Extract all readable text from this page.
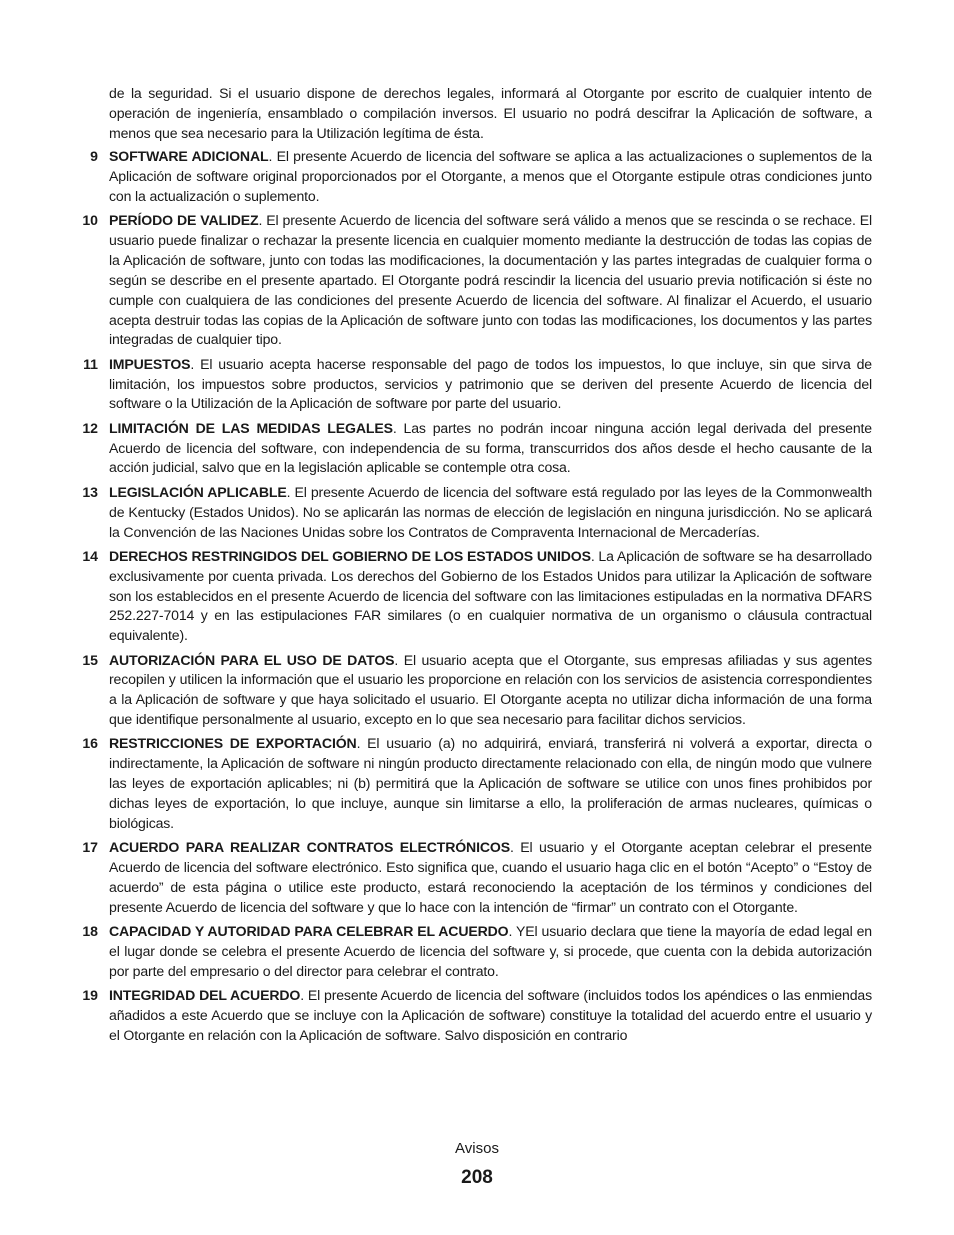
de la seguridad. Si el usuario dispone de derechos legales, informará al Otorgante por escrito de cualquier intento de operación de ingeniería, ensamblado o compilación inversos. El usuario no podrá descifrar la Aplicación de software, a menos que sea necesario para la Utilización legítima de ésta.

9 SOFTWARE ADICIONAL. El presente Acuerdo de licencia del software se aplica a las actualizaciones o suplementos de la Aplicación de software original proporcionados por el Otorgante, a menos que el Otorgante estipule otras condiciones junto con la actualización o suplemento.
10 PERÍODO DE VALIDEZ. El presente Acuerdo de licencia del software será válido a menos que se rescinda o se rechace. El usuario puede finalizar o rechazar la presente licencia en cualquier momento mediante la destrucción de todas las copias de la Aplicación de software, junto con todas las modificaciones, la documentación y las partes integradas de cualquier forma o según se describe en el presente apartado. El Otorgante podrá rescindir la licencia del usuario previa notificación si éste no cumple con cualquiera de las condiciones del presente Acuerdo de licencia del software. Al finalizar el Acuerdo, el usuario acepta destruir todas las copias de la Aplicación de software junto con todas las modificaciones, los documentos y las partes integradas de cualquier tipo.
11 IMPUESTOS. El usuario acepta hacerse responsable del pago de todos los impuestos, lo que incluye, sin que sirva de limitación, los impuestos sobre productos, servicios y patrimonio que se deriven del presente Acuerdo de licencia del software o la Utilización de la Aplicación de software por parte del usuario.
12 LIMITACIÓN DE LAS MEDIDAS LEGALES. Las partes no podrán incoar ninguna acción legal derivada del presente Acuerdo de licencia del software, con independencia de su forma, transcurridos dos años desde el hecho causante de la acción judicial, salvo que en la legislación aplicable se contemple otra cosa.
13 LEGISLACIÓN APLICABLE. El presente Acuerdo de licencia del software está regulado por las leyes de la Commonwealth de Kentucky (Estados Unidos). No se aplicarán las normas de elección de legislación en ninguna jurisdicción. No se aplicará la Convención de las Naciones Unidas sobre los Contratos de Compraventa Internacional de Mercaderías.
14 DERECHOS RESTRINGIDOS DEL GOBIERNO DE LOS ESTADOS UNIDOS. La Aplicación de software se ha desarrollado exclusivamente por cuenta privada. Los derechos del Gobierno de los Estados Unidos para utilizar la Aplicación de software son los establecidos en el presente Acuerdo de licencia del software con las limitaciones estipuladas en la normativa DFARS 252.227-7014 y en las estipulaciones FAR similares (o en cualquier normativa de un organismo o cláusula contractual equivalente).
15 AUTORIZACIÓN PARA EL USO DE DATOS. El usuario acepta que el Otorgante, sus empresas afiliadas y sus agentes recopilen y utilicen la información que el usuario les proporcione en relación con los servicios de asistencia correspondientes a la Aplicación de software y que haya solicitado el usuario. El Otorgante acepta no utilizar dicha información de una forma que identifique personalmente al usuario, excepto en lo que sea necesario para facilitar dichos servicios.
16 RESTRICCIONES DE EXPORTACIÓN. El usuario (a) no adquirirá, enviará, transferirá ni volverá a exportar, directa o indirectamente, la Aplicación de software ni ningún producto directamente relacionado con ella, de ningún modo que vulnere las leyes de exportación aplicables; ni (b) permitirá que la Aplicación de software se utilice con unos fines prohibidos por dichas leyes de exportación, lo que incluye, aunque sin limitarse a ello, la proliferación de armas nucleares, químicas o biológicas.
17 ACUERDO PARA REALIZAR CONTRATOS ELECTRÓNICOS. El usuario y el Otorgante aceptan celebrar el presente Acuerdo de licencia del software electrónico. Esto significa que, cuando el usuario haga clic en el botón “Acepto” o “Estoy de acuerdo” de esta página o utilice este producto, estará reconociendo la aceptación de los términos y condiciones del presente Acuerdo de licencia del software y que lo hace con la intención de “firmar” un contrato con el Otorgante.
18 CAPACIDAD Y AUTORIDAD PARA CELEBRAR EL ACUERDO. YEl usuario declara que tiene la mayoría de edad legal en el lugar donde se celebra el presente Acuerdo de licencia del software y, si procede, que cuenta con la debida autorización por parte del empresario o del director para celebrar el contrato.
19 INTEGRIDAD DEL ACUERDO. El presente Acuerdo de licencia del software (incluidos todos los apéndices o las enmiendas añadidos a este Acuerdo que se incluye con la Aplicación de software) constituye la totalidad del acuerdo entre el usuario y el Otorgante en relación con la Aplicación de software. Salvo disposición en contrario
Avisos
208
